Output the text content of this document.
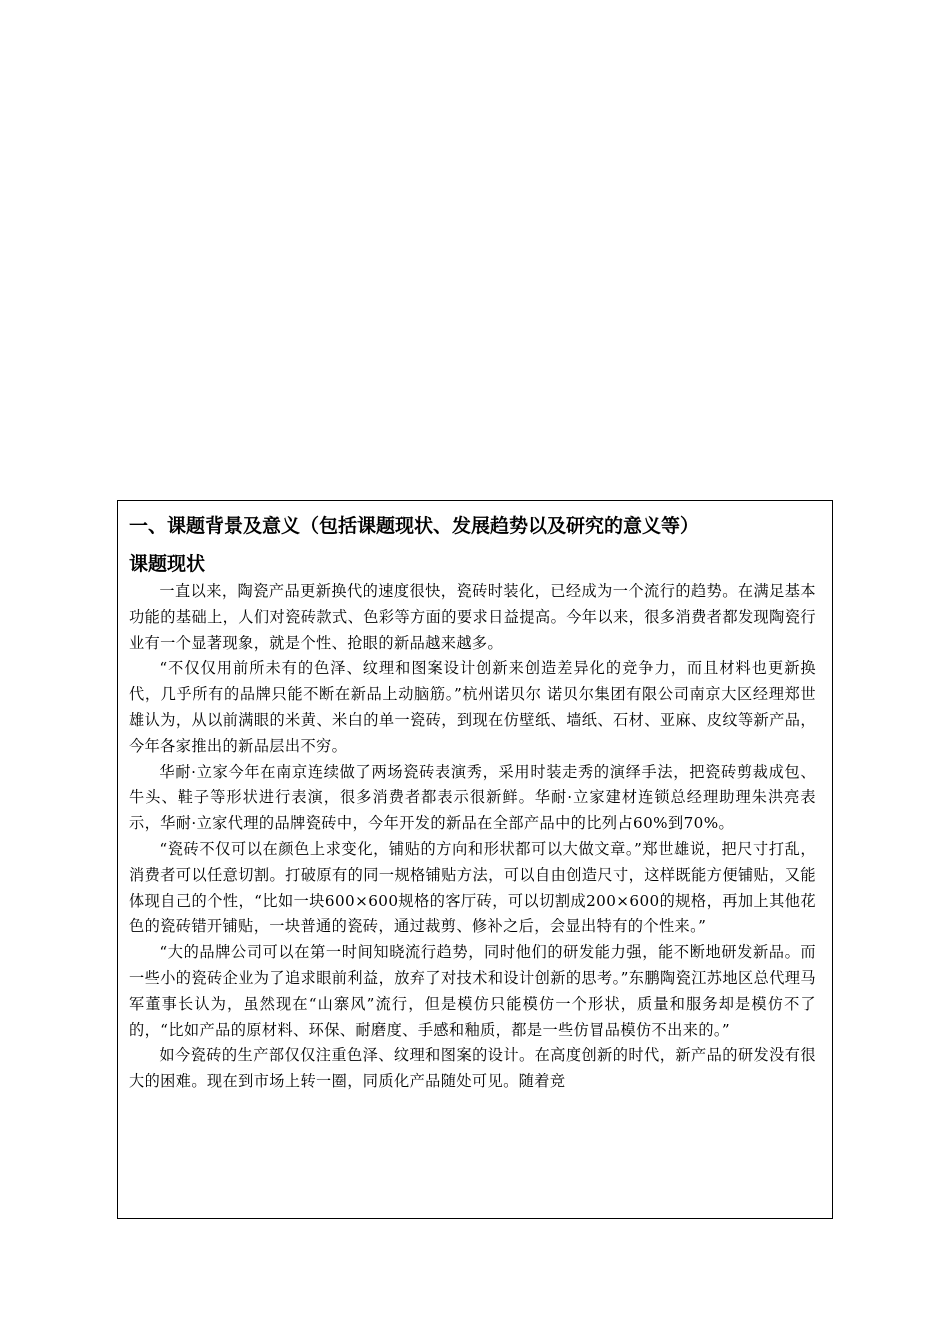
一、课题背景及意义（包括课题现状、发展趋势以及研究的意义等）
课题现状

一直以来，陶瓷产品更新换代的速度很快，瓷砖时装化，已经成为一个流行的趋势。在满足基本功能的基础上，人们对瓷砖款式、色彩等方面的要求日益提高。今年以来，很多消费者都发现陶瓷行业有一个显著现象，就是个性、抢眼的新品越来越多。

“不仅仅用前所未有的色泽、纹理和图案设计创新来创造差异化的竞争力，而且材料也更新换代，几乎所有的品牌只能不断在新品上动脑筋。”杭州诺贝尔 诺贝尔集团有限公司南京大区经理郑世雄认为，从以前满眼的米黄、米白的单一瓷砖，到现在仿壁纸、墙纸、石材、亚麻、皮纹等新产品，今年各家推出的新品层出不穷。

华耐·立家今年在南京连续做了两场瓷砖表演秀，采用时装走秀的演绎手法，把瓷砖剪裁成包、牛头、鞋子等形状进行表演，很多消费者都表示很新鲜。华耐·立家建材连锁总经理助理朱洪亮表示，华耐·立家代理的品牌瓷砖中，今年开发的新品在全部产品中的比列占60%到70%。

“瓷砖不仅可以在颜色上求变化，铺贴的方向和形状都可以大做文章。”郑世雄说，把尺寸打乱，消费者可以任意切割。打破原有的同一规格铺贴方法，可以自由创造尺寸，这样既能方便铺贴，又能体现自己的个性，“比如一块600×600规格的客厅砖，可以切割成200×600的规格，再加上其他花色的瓷砖错开铺贴，一块普通的瓷砖，通过裁剪、修补之后，会显出特有的个性来。”

“大的品牌公司可以在第一时间知晓流行趋势，同时他们的研发能力强，能不断地研发新品。而一些小的瓷砖企业为了追求眼前利益，放弃了对技术和设计创新的思考。”东鹏陶瓷江苏地区总代理马军董事长认为，虽然现在“山寨风”流行，但是模仿只能模仿一个形状，质量和服务却是模仿不了的，“比如产品的原材料、环保、耐磨度、手感和釉质，都是一些仿冒品模仿不出来的。”

如今瓷砖的生产部仅仅注重色泽、纹理和图案的设计。在高度创新的时代，新产品的研发没有很大的困难。现在到市场上转一圈，同质化产品随处可见。随着竞
